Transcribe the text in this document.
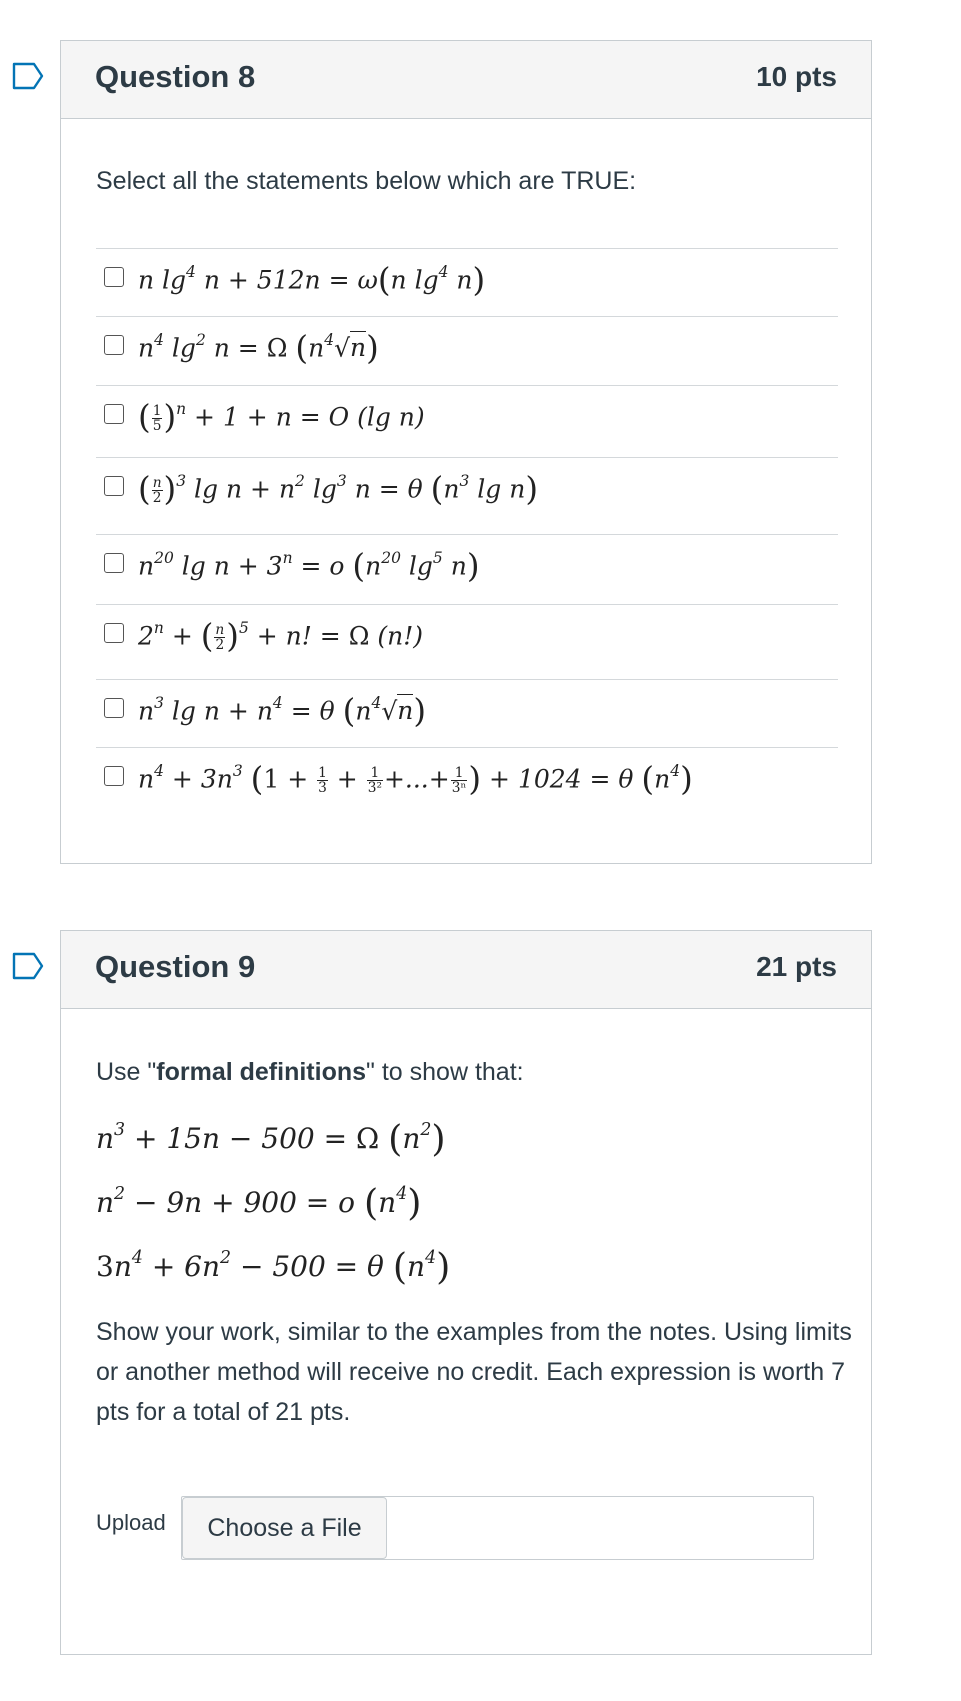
Question 8	10 pts
Select all the statements below which are TRUE:
n $\lg^4 n + 512n = \omega(n$ $\lg^4 n$)
$n^4$ $\lg^2 n = \Omega$ $(n^4√n)$
( $\frac{1}{5} )^n + 1 + n = O$ (lg n)
( $\frac{n}{2} )^3$ $\lg n + n^2$ $\lg^3 n = \theta$ ($n^3$ lg n)
$n^{20}$ $\lg n + 3^n = o$ ($n^{20}$ $\lg^5 n$)
$2^n$ + ( $\frac{n}{2} )^5 + n$! = Ω (n!)
$n^3$ $\lg n + n^4 = \theta$ $(n^4√n)$
$n^4 + 3n^3$ ($1 + \frac{1}{3} + \frac{1}{\text{3²}}$ +...+ $\frac{1}{\text{3ⁿ}}$ ) + 1024 = θ $(n^4)$
Question 9	21 pts
Use "formal definitions" to show that:
$n^3 + 15n - 500 = \Omega$ $(n^2)$
$n^2 - 9n + 900 = o$ $(n^4)$
$3n^4 + 6n^2 - 500 = \theta$ $(n^4)$
Show your work, similar to the examples from the notes. Using limits or another method will receive no credit. Each expression is worth 7 pts for a total of 21 pts.
Upload	Choose a File
